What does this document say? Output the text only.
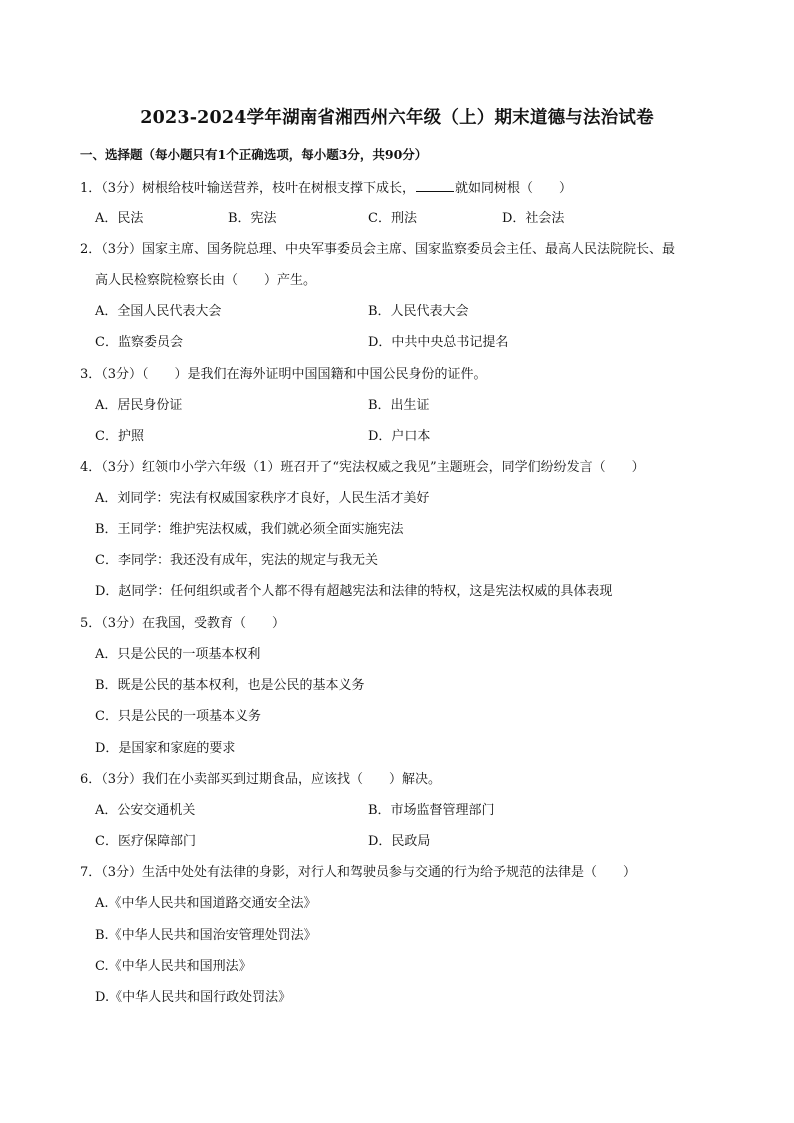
2023-2024学年湖南省湘西州六年级（上）期末道德与法治试卷
一、选择题（每小题只有1个正确选项，每小题3分，共90分）
1．（3分）树根给枝叶输送营养，枝叶在树根支撑下成长，	就如同树根（　　）
A．民法	B．宪法	C．刑法	D．社会法
2．（3分）国家主席、国务院总理、中央军事委员会主席、国家监察委员会主任、最高人民法院院长、最
高人民检察院检察长由（　　）产生。
A．全国人民代表大会	B．人民代表大会
C．监察委员会	D．中共中央总书记提名
3．（3分）（　　）是我们在海外证明中国国籍和中国公民身份的证件。
A．居民身份证	B．出生证
C．护照	D．户口本
4．（3分）红领巾小学六年级（1）班召开了“宪法权威之我见”主题班会，同学们纷纷发言（　　）
A．刘同学：宪法有权威国家秩序才良好，人民生活才美好
B．王同学：维护宪法权威，我们就必须全面实施宪法
C．李同学：我还没有成年，宪法的规定与我无关
D．赵同学：任何组织或者个人都不得有超越宪法和法律的特权，这是宪法权威的具体表现
5．（3分）在我国，受教育（　　）
A．只是公民的一项基本权利
B．既是公民的基本权利，也是公民的基本义务
C．只是公民的一项基本义务
D．是国家和家庭的要求
6．（3分）我们在小卖部买到过期食品，应该找（　　）解决。
A．公安交通机关	B．市场监督管理部门
C．医疗保障部门	D．民政局
7．（3分）生活中处处有法律的身影，对行人和驾驶员参与交通的行为给予规范的法律是（　　）
A.《中华人民共和国道路交通安全法》
B.《中华人民共和国治安管理处罚法》
C.《中华人民共和国刑法》
D.《中华人民共和国行政处罚法》
